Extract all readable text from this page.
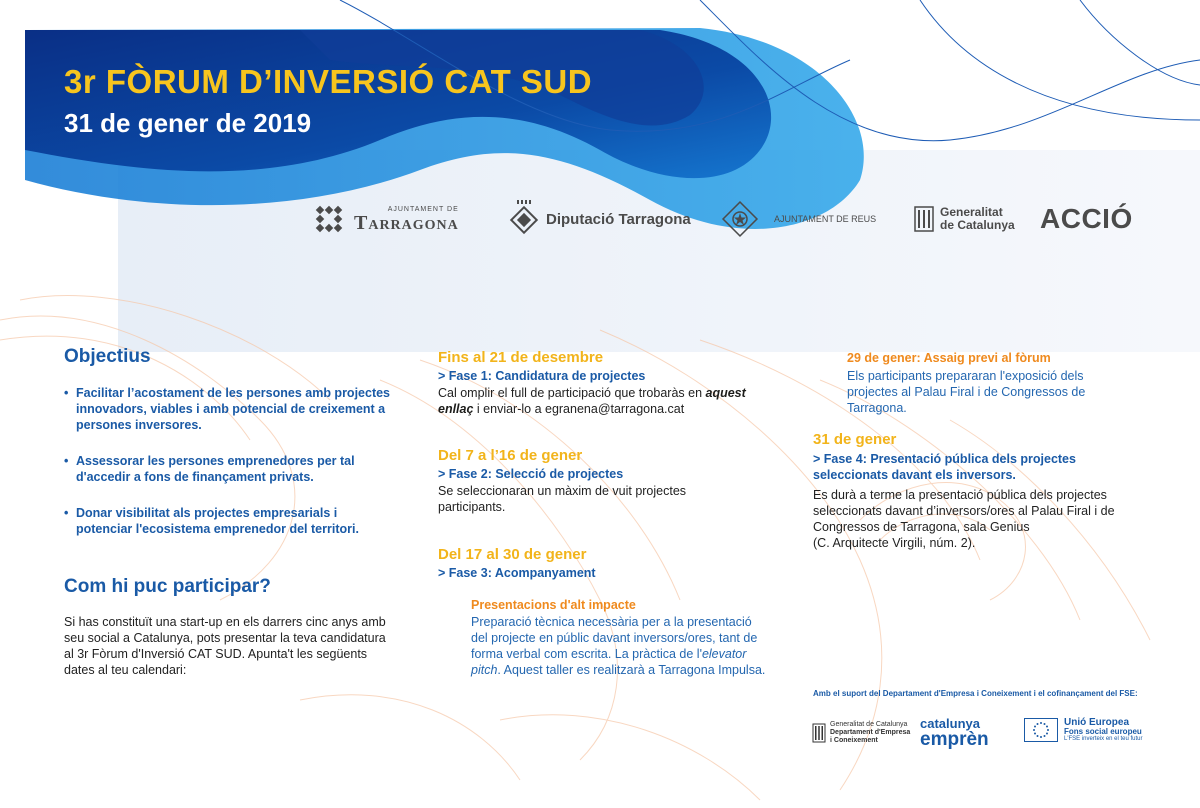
3r FÒRUM D’INVERSIÓ CAT SUD
31 de gener de 2019
AJUNTAMENT DE
Tarragona	Diputació Tarragona	AJUNTAMENT DE REUS	Generalitat
de Catalunya ACCIÓ
Objectius
• Facilitar l’acostament de les persones amb projectes innovadors, viables i amb potencial de creixement a persones inversores.
• Assessorar les persones emprenedores per tal d'accedir a fons de finançament privats.
• Donar visibilitat als projectes empresarials i potenciar l'ecosistema emprenedor del territori.
Com hi puc participar?
Si has constituït una start-up en els darrers cinc anys amb seu social a Catalunya, pots presentar la teva candidatura al 3r Fòrum d'Inversió CAT SUD. Apunta't les següents dates al teu calendari:
Fins al 21 de desembre
> Fase 1: Candidatura de projectes
Cal omplir el full de participació que trobaràs en aquest enllaç i enviar-lo a egranena@tarragona.cat
Del 7 a l’16 de gener
> Fase 2: Selecció de projectes
Se seleccionaran un màxim de vuit projectes participants.
Del 17 al 30 de gener
> Fase 3: Acompanyament
Presentacions d'alt impacte
Preparació tècnica necessària per a la presentació del projecte en públic davant inversors/ores, tant de forma verbal com escrita. La pràctica de l'elevator pitch. Aquest taller es realitzarà a Tarragona Impulsa.
29 de gener: Assaig previ al fòrum
Els participants prepararan l'exposició dels projectes al Palau Firal i de Congressos de Tarragona.
31 de gener
> Fase 4: Presentació pública dels projectes seleccionats davant els inversors.
Es durà a terme la presentació pública dels projectes seleccionats davant d’inversors/ores al Palau Firal i de Congressos de Tarragona, sala Genius
(C. Arquitecte Virgili, núm. 2).
Amb el suport del Departament d'Empresa i Coneixement i el cofinançament del FSE:
Generalitat de Catalunya
Departament d'Empresa
i Coneixement
catalunya
emprèn
Unió Europea
Fons social europeu
L'FSE inverteix en el teu futur
